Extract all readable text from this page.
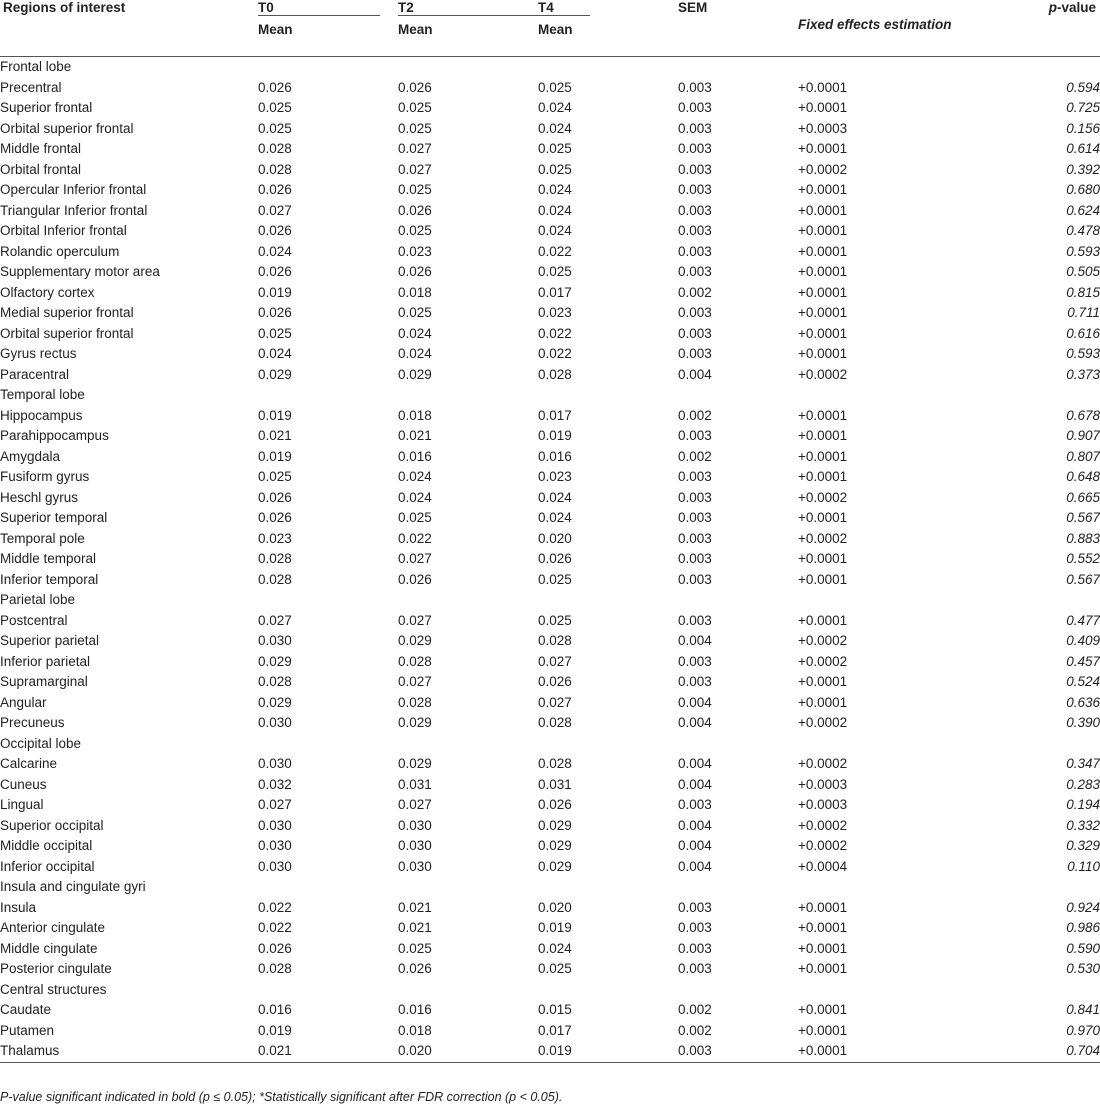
Regions of interest	T0	T2	T4	SEM	Fixed effects estimation	p-value
	Mean	Mean	Mean			

Frontal lobe						
Precentral	0.026	0.026	0.025	0.003	+0.0001	0.594
Superior frontal	0.025	0.025	0.024	0.003	+0.0001	0.725
Orbital superior frontal	0.025	0.025	0.024	0.003	+0.0003	0.156
Middle frontal	0.028	0.027	0.025	0.003	+0.0001	0.614
Orbital frontal	0.028	0.027	0.025	0.003	+0.0002	0.392
Opercular Inferior frontal	0.026	0.025	0.024	0.003	+0.0001	0.680
Triangular Inferior frontal	0.027	0.026	0.024	0.003	+0.0001	0.624
Orbital Inferior frontal	0.026	0.025	0.024	0.003	+0.0001	0.478
Rolandic operculum	0.024	0.023	0.022	0.003	+0.0001	0.593
Supplementary motor area	0.026	0.026	0.025	0.003	+0.0001	0.505
Olfactory cortex	0.019	0.018	0.017	0.002	+0.0001	0.815
Medial superior frontal	0.026	0.025	0.023	0.003	+0.0001	0.711
Orbital superior frontal	0.025	0.024	0.022	0.003	+0.0001	0.616
Gyrus rectus	0.024	0.024	0.022	0.003	+0.0001	0.593
Paracentral	0.029	0.029	0.028	0.004	+0.0002	0.373
Temporal lobe						
Hippocampus	0.019	0.018	0.017	0.002	+0.0001	0.678
Parahippocampus	0.021	0.021	0.019	0.003	+0.0001	0.907
Amygdala	0.019	0.016	0.016	0.002	+0.0001	0.807
Fusiform gyrus	0.025	0.024	0.023	0.003	+0.0001	0.648
Heschl gyrus	0.026	0.024	0.024	0.003	+0.0002	0.665
Superior temporal	0.026	0.025	0.024	0.003	+0.0001	0.567
Temporal pole	0.023	0.022	0.020	0.003	+0.0002	0.883
Middle temporal	0.028	0.027	0.026	0.003	+0.0001	0.552
Inferior temporal	0.028	0.026	0.025	0.003	+0.0001	0.567
Parietal lobe						
Postcentral	0.027	0.027	0.025	0.003	+0.0001	0.477
Superior parietal	0.030	0.029	0.028	0.004	+0.0002	0.409
Inferior parietal	0.029	0.028	0.027	0.003	+0.0002	0.457
Supramarginal	0.028	0.027	0.026	0.003	+0.0001	0.524
Angular	0.029	0.028	0.027	0.004	+0.0001	0.636
Precuneus	0.030	0.029	0.028	0.004	+0.0002	0.390
Occipital lobe						
Calcarine	0.030	0.029	0.028	0.004	+0.0002	0.347
Cuneus	0.032	0.031	0.031	0.004	+0.0003	0.283
Lingual	0.027	0.027	0.026	0.003	+0.0003	0.194
Superior occipital	0.030	0.030	0.029	0.004	+0.0002	0.332
Middle occipital	0.030	0.030	0.029	0.004	+0.0002	0.329
Inferior occipital	0.030	0.030	0.029	0.004	+0.0004	0.110
Insula and cingulate gyri						
Insula	0.022	0.021	0.020	0.003	+0.0001	0.924
Anterior cingulate	0.022	0.021	0.019	0.003	+0.0001	0.986
Middle cingulate	0.026	0.025	0.024	0.003	+0.0001	0.590
Posterior cingulate	0.028	0.026	0.025	0.003	+0.0001	0.530
Central structures						
Caudate	0.016	0.016	0.015	0.002	+0.0001	0.841
Putamen	0.019	0.018	0.017	0.002	+0.0001	0.970
Thalamus	0.021	0.020	0.019	0.003	+0.0001	0.704
P-value significant indicated in bold (p ≤ 0.05); *Statistically significant after FDR correction (p < 0.05).
